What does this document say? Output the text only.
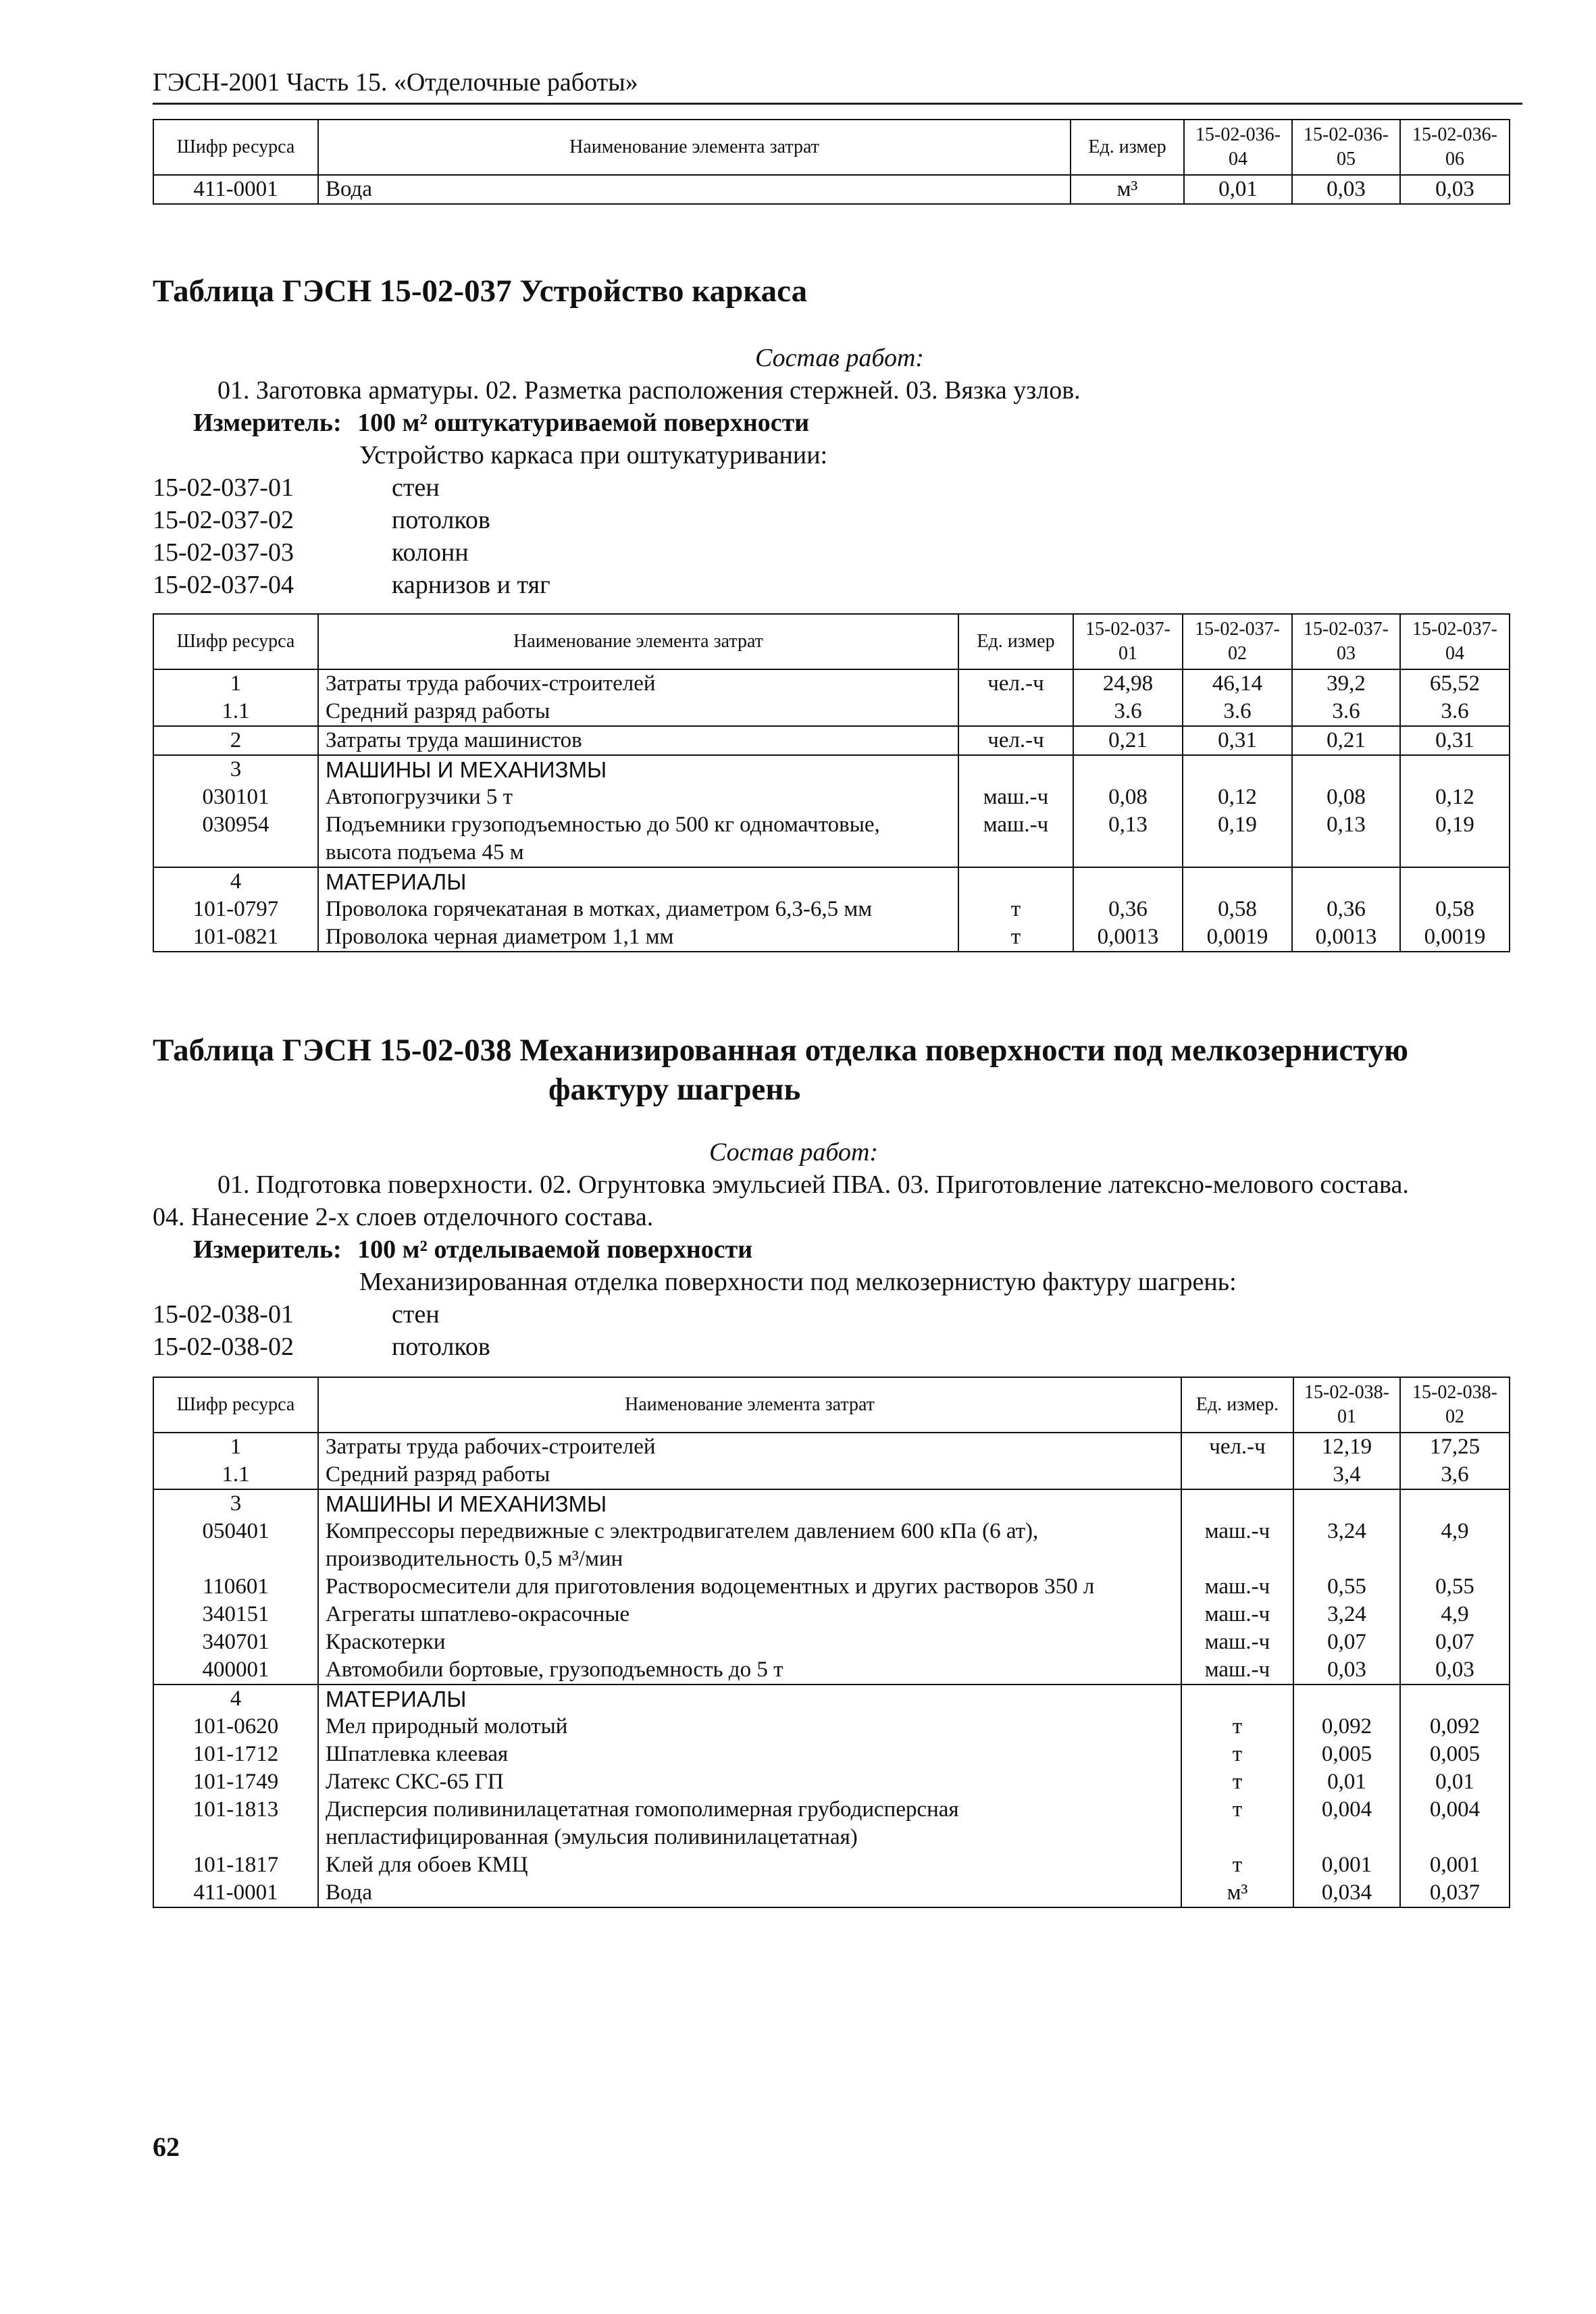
ГЭСН-2001 Часть 15. «Отделочные работы»
Шифр ресурса	Наименование элемента затрат	Ед. измер	15-02-036-04	15-02-036-05	15-02-036-06
411-0001	Вода	м³	0,01	0,03	0,03
Таблица ГЭСН 15-02-037 Устройство каркаса
Состав работ:
01. Заготовка арматуры. 02. Разметка расположения стержней. 03. Вязка узлов.
Измеритель: 100 м² оштукатуриваемой поверхности
Устройство каркаса при оштукатуривании:
15-02-037-01	стен
15-02-037-02	потолков
15-02-037-03	колонн
15-02-037-04	карнизов и тяг
Шифр ресурса	Наименование элемента затрат	Ед. измер	15-02-037-01	15-02-037-02	15-02-037-03	15-02-037-04
1	Затраты труда рабочих-строителей	чел.-ч	24,98	46,14	39,2	65,52
1.1	Средний разряд работы		3.6	3.6	3.6	3.6
2	Затраты труда машинистов	чел.-ч	0,21	0,31	0,21	0,31
3	МАШИНЫ И МЕХАНИЗМЫ					
030101	Автопогрузчики 5 т	маш.-ч	0,08	0,12	0,08	0,12
030954	Подъемники грузоподъемностью до 500 кг одномачтовые, высота подъема 45 м	маш.-ч	0,13	0,19	0,13	0,19
4	МАТЕРИАЛЫ					
101-0797	Проволока горячекатаная в мотках, диаметром 6,3-6,5 мм	т	0,36	0,58	0,36	0,58
101-0821	Проволока черная диаметром 1,1 мм	т	0,0013	0,0019	0,0013	0,0019
Таблица ГЭСН 15-02-038 Механизированная отделка поверхности под мелкозернистую
фактуру шагрень
Состав работ:
01. Подготовка поверхности. 02. Огрунтовка эмульсией ПВА. 03. Приготовление латексно-мелового состава.
04. Нанесение 2-х слоев отделочного состава.
Измеритель: 100 м² отделываемой поверхности
Механизированная отделка поверхности под мелкозернистую фактуру шагрень:
15-02-038-01	стен
15-02-038-02	потолков
Шифр ресурса	Наименование элемента затрат	Ед. измер.	15-02-038-01	15-02-038-02
1	Затраты труда рабочих-строителей	чел.-ч	12,19	17,25
1.1	Средний разряд работы		3,4	3,6
3	МАШИНЫ И МЕХАНИЗМЫ			
050401	Компрессоры передвижные с электродвигателем давлением 600 кПа (6 ат), производительность 0,5 м³/мин	маш.-ч	3,24	4,9
110601	Растворосмесители для приготовления водоцементных и других растворов 350 л	маш.-ч	0,55	0,55
340151	Агрегаты шпатлево-окрасочные	маш.-ч	3,24	4,9
340701	Краскотерки	маш.-ч	0,07	0,07
400001	Автомобили бортовые, грузоподъемность до 5 т	маш.-ч	0,03	0,03
4	МАТЕРИАЛЫ			
101-0620	Мел природный молотый	т	0,092	0,092
101-1712	Шпатлевка клеевая	т	0,005	0,005
101-1749	Латекс СКС-65 ГП	т	0,01	0,01
101-1813	Дисперсия поливинилацетатная гомополимерная грубодисперсная непластифицированная (эмульсия поливинилацетатная)	т	0,004	0,004
101-1817	Клей для обоев КМЦ	т	0,001	0,001
411-0001	Вода	м³	0,034	0,037
62
